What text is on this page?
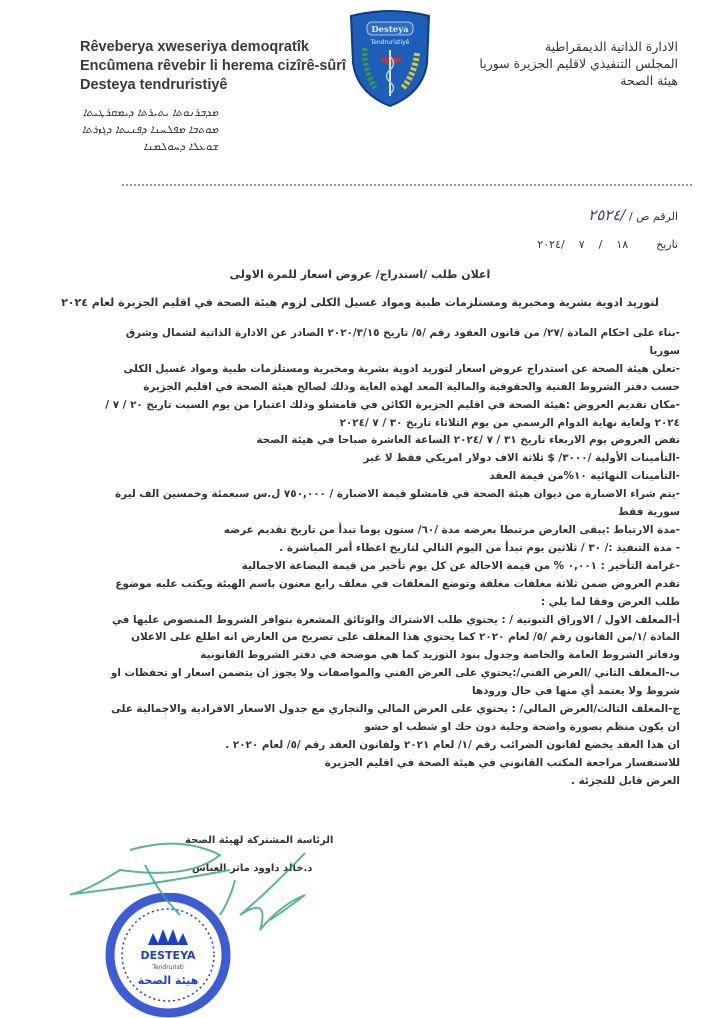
Rêveberya xweseriya demoqratîk
Encûmena rêvebir li herema cizîrê-sûrî
Desteya tendruristiyê
ܡܕܒܪܢܘܬܐ ܝܬܝܪܬܐ ܕܝܡܩܪܛܝܬܐ
ܡܘܬܒܐ ܡܦܠܚܢܐ ܕܦܢܝܬܐ ܕܓܙܪܬܐ
ܫܘܥܠܐ ܕܚܘܠܡܢܐ
Desteya
Tendruristiyê	الادارة الذاتية الديمقراطية
المجلس التنفيذي لاقليم الجزيرة سوريا
هيئة الصحة
الرقم ص / /٢٥٢٤
تاريخ        ١٨    /    ٧    /٢٠٢٤
اعلان طلب /استدراج/ عروض اسعار للمرة الاولى
لتوريد ادوية بشرية ومخبرية ومستلزمات طبية ومواد غسيل الكلى لزوم هيئة الصحة في اقليم الجزيرة لعام ٢٠٢٤

-بناء على احكام المادة /٢٧/ من قانون العقود رقم /٥/ تاريخ ٢٠٢٠/٣/١٥ الصادر عن الادارة الذاتية لشمال وشرق سوريا

-تعلن هيئة الصحة عن استدراج عروض اسعار لتوريد ادوية بشرية ومخبرية ومستلزمات طبية ومواد غسيل الكلى حسب دفتر الشروط الفنية والحقوقية والمالية المعد لهذه الغاية وذلك لصالح هيئة الصحة في اقليم الجزيرة

-مكان تقديم العروض :هيئة الصحة في اقليم الجزيرة الكائن في قامشلو وذلك اعتبارا من يوم السبت تاريخ ٢٠ / ٧ /٢٠٢٤ ولغاية نهاية الدوام الرسمي من يوم الثلاثاء تاريخ ٣٠ / ٧ /٢٠٢٤

تفض العروض يوم الاربعاء تاريخ ٣١ / ٧ /٢٠٢٤ الساعة العاشرة صباحا في هيئة الصحة

-التأمينات الأولية /٣٠٠٠/ $ ثلاثة الاف دولار امريكي فقط لا غير

-التأمينات النهائية ١٠%من قيمة العقد

-يتم شراء الاضبارة من ديوان هيئة الصحة في قامشلو قيمة الاضبارة / ٧٥٠,٠٠٠ ل.س سبعمئة وخمسين الف ليرة سورية فقط

-مدة الارتباط :يبقى العارض مرتبطا بعرضه مدة /٦٠/ ستون يوما تبدأ من تاريخ تقديم عرضه

- مدة التنفيذ :/ ٣٠ / ثلاثين يوم تبدأ من اليوم التالي لتاريخ اعطاء أمر المباشرة .

-غرامة التأخير : ٠,٠٠١ % من قيمة الاحالة عن كل يوم تأخير من قيمة البضاعة الاجمالية

تقدم العروض ضمن ثلاثة مغلفات مغلقة وتوضع المغلفات في مغلف رابع معنون باسم الهيئة ويكتب عليه موضوع طلب العرض وفقا لما يلي :

أ-المغلف الاول / الاوراق الثبوتية / : يحتوي طلب الاشتراك والوثائق المشعرة بتوافر الشروط المنصوص عليها في المادة /١/من القانون رقم /٥/ لعام ٢٠٢٠ كما يحتوي هذا المغلف على تصريح من العارض انه اطلع على الاعلان ودفاتر الشروط العامة والخاصة وجدول بنود التوريد كما هي موضحة في دفتر الشروط القانونية

ب-المغلف الثاني /العرض الفني/:يحتوي على العرض الفني والمواصفات ولا يجوز ان يتضمن اسعار او تحفظات او شروط ولا يعتمد أي منها في حال ورودها

ج-المغلف الثالث/العرض المالي/ : يحتوي على العرض المالي والتجاري مع جدول الاسعار الافرادية والاجمالية على ان يكون منظم بصورة واضحة وجلية دون حك او شطب او حشو

ان هذا العقد يخضع لقانون الضرائب رقم /١/ لعام ٢٠٢١ ولقانون العقد رقم /٥/ لعام ٢٠٢٠ .

للاستفسار مراجعة المكتب القانوني في هيئة الصحة في اقليم الجزيرة

العرض قابل للتجزئة .

الرئاسة المشتركة لهيئة الصحة
د.خالد داوود ماثر العباس
DESTEYA
Tendruristi
هيئة الصحة
